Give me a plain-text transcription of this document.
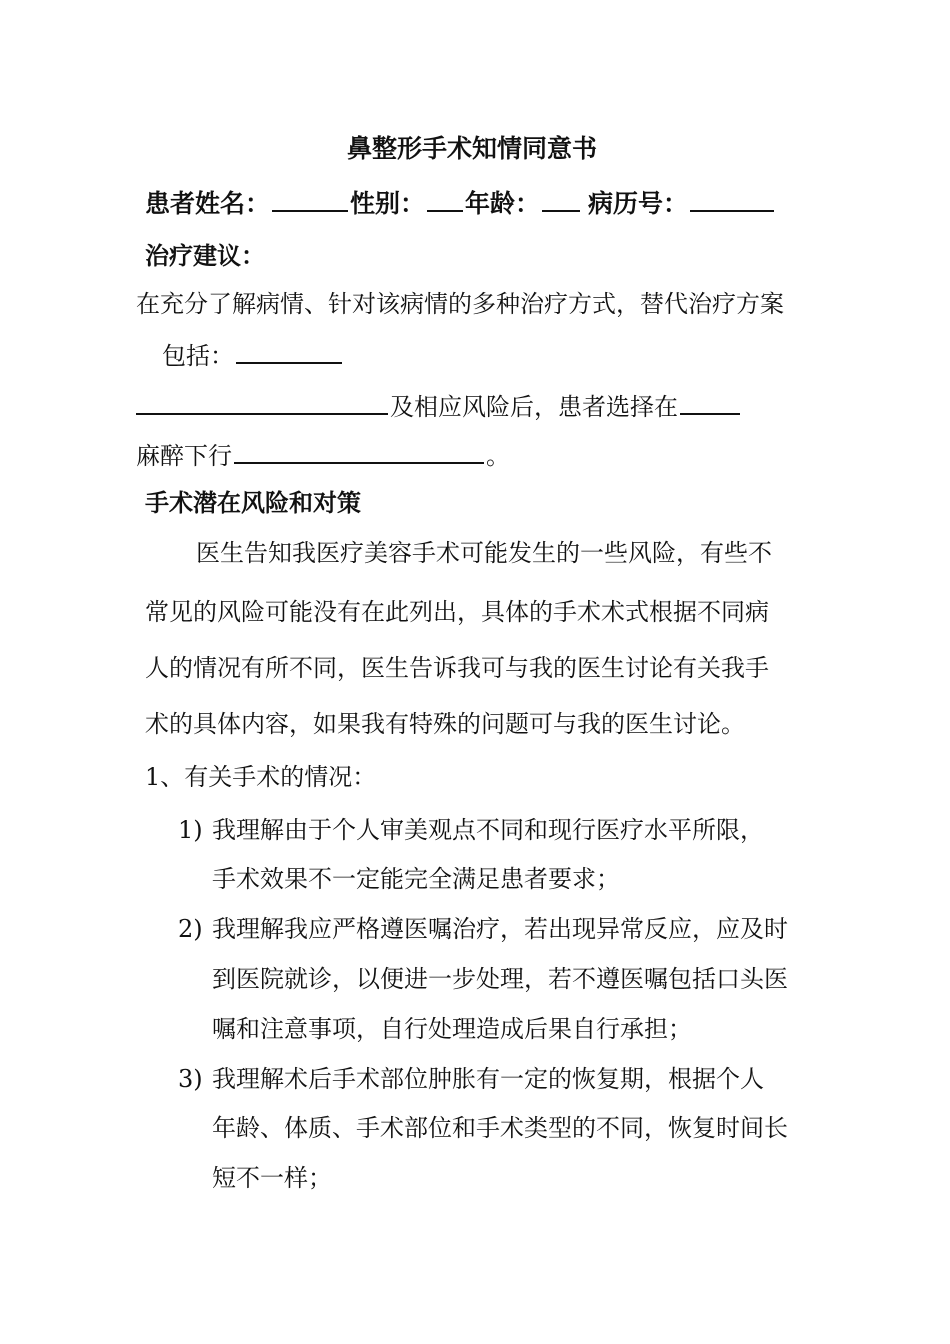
鼻整形手术知情同意书
患者姓名：	性别： 年龄： 病历号：
治疗建议：
在充分了解病情、针对该病情的多种治疗方式，替代治疗方案
包括：
及相应风险后，患者选择在
麻醉下行	。
手术潜在风险和对策
医生告知我医疗美容手术可能发生的一些风险，有些不
常见的风险可能没有在此列出，具体的手术术式根据不同病
人的情况有所不同，医生告诉我可与我的医生讨论有关我手
术的具体内容，如果我有特殊的问题可与我的医生讨论。
1、有关手术的情况：
1) 我理解由于个人审美观点不同和现行医疗水平所限，
手术效果不一定能完全满足患者要求；
2) 我理解我应严格遵医嘱治疗，若出现异常反应，应及时
到医院就诊，以便进一步处理，若不遵医嘱包括口头医
嘱和注意事项，自行处理造成后果自行承担；
3) 我理解术后手术部位肿胀有一定的恢复期，根据个人
年龄、体质、手术部位和手术类型的不同，恢复时间长
短不一样；
